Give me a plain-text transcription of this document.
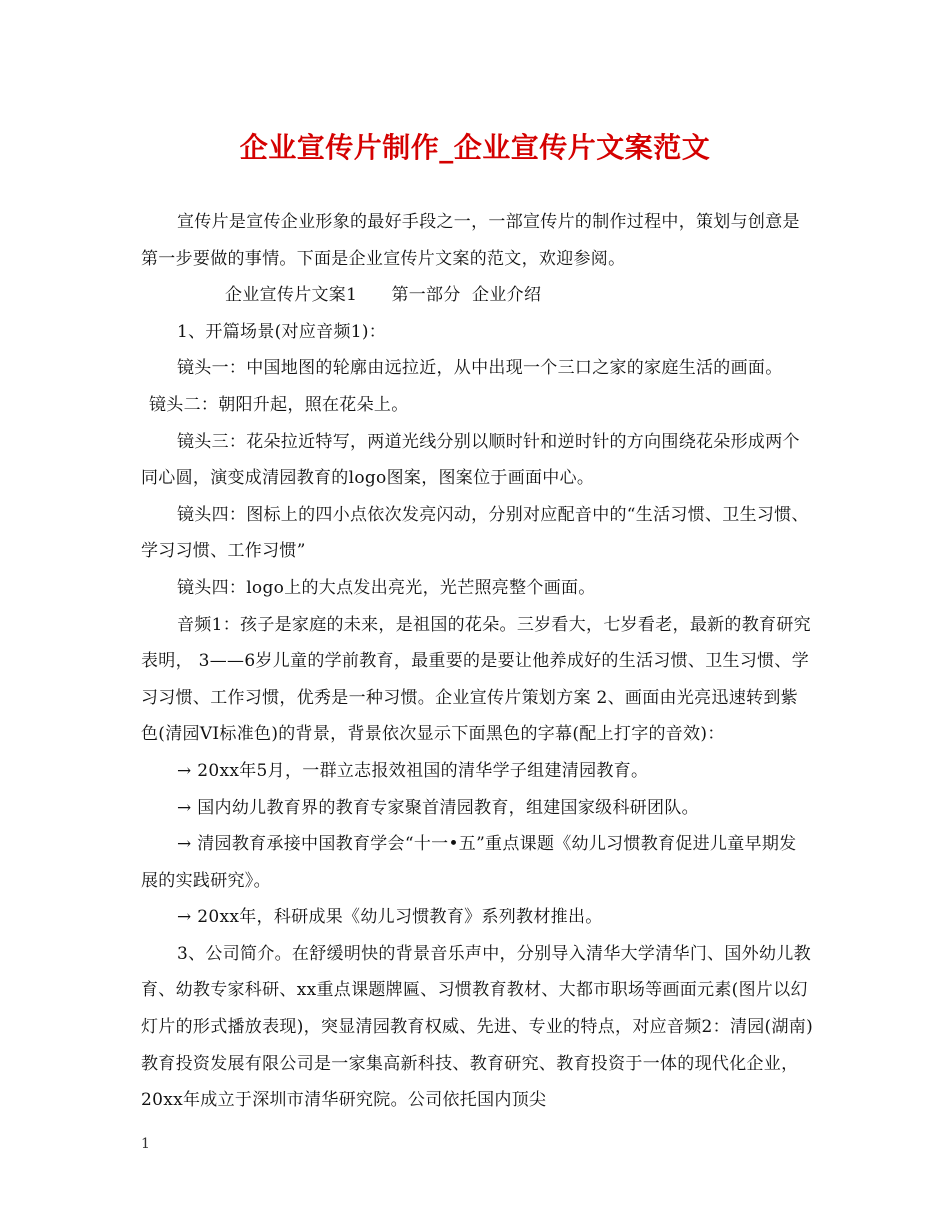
企业宣传片制作_企业宣传片文案范文

宣传片是宣传企业形象的最好手段之一，一部宣传片的制作过程中，策划与创意是第一步要做的事情。下面是企业宣传片文案的范文，欢迎参阅。

企业宣传片文案1      第一部分  企业介绍

1、开篇场景(对应音频1)：

镜头一：中国地图的轮廓由远拉近，从中出现一个三口之家的家庭生活的画面。

镜头二：朝阳升起，照在花朵上。

镜头三：花朵拉近特写，两道光线分别以顺时针和逆时针的方向围绕花朵形成两个同心圆，演变成清园教育的logo图案，图案位于画面中心。

镜头四：图标上的四小点依次发亮闪动，分别对应配音中的“生活习惯、卫生习惯、学习习惯、工作习惯”

镜头四：logo上的大点发出亮光，光芒照亮整个画面。

音频1：孩子是家庭的未来，是祖国的花朵。三岁看大，七岁看老，最新的教育研究表明， 3——6岁儿童的学前教育，最重要的是要让他养成好的生活习惯、卫生习惯、学习习惯、工作习惯，优秀是一种习惯。企业宣传片策划方案 2、画面由光亮迅速转到紫色(清园VI标准色)的背景，背景依次显示下面黑色的字幕(配上打字的音效)：

→ 20xx年5月，一群立志报效祖国的清华学子组建清园教育。

→ 国内幼儿教育界的教育专家聚首清园教育，组建国家级科研团队。

→ 清园教育承接中国教育学会“十一•五”重点课题《幼儿习惯教育促进儿童早期发展的实践研究》。

→ 20xx年，科研成果《幼儿习惯教育》系列教材推出。

3、公司简介。在舒缓明快的背景音乐声中，分别导入清华大学清华门、国外幼儿教育、幼教专家科研、xx重点课题牌匾、习惯教育教材、大都市职场等画面元素(图片以幻灯片的形式播放表现)，突显清园教育权威、先进、专业的特点，对应音频2：清园(湖南)教育投资发展有限公司是一家集高新科技、教育研究、教育投资于一体的现代化企业，20xx年成立于深圳市清华研究院。公司依托国内顶尖

1
